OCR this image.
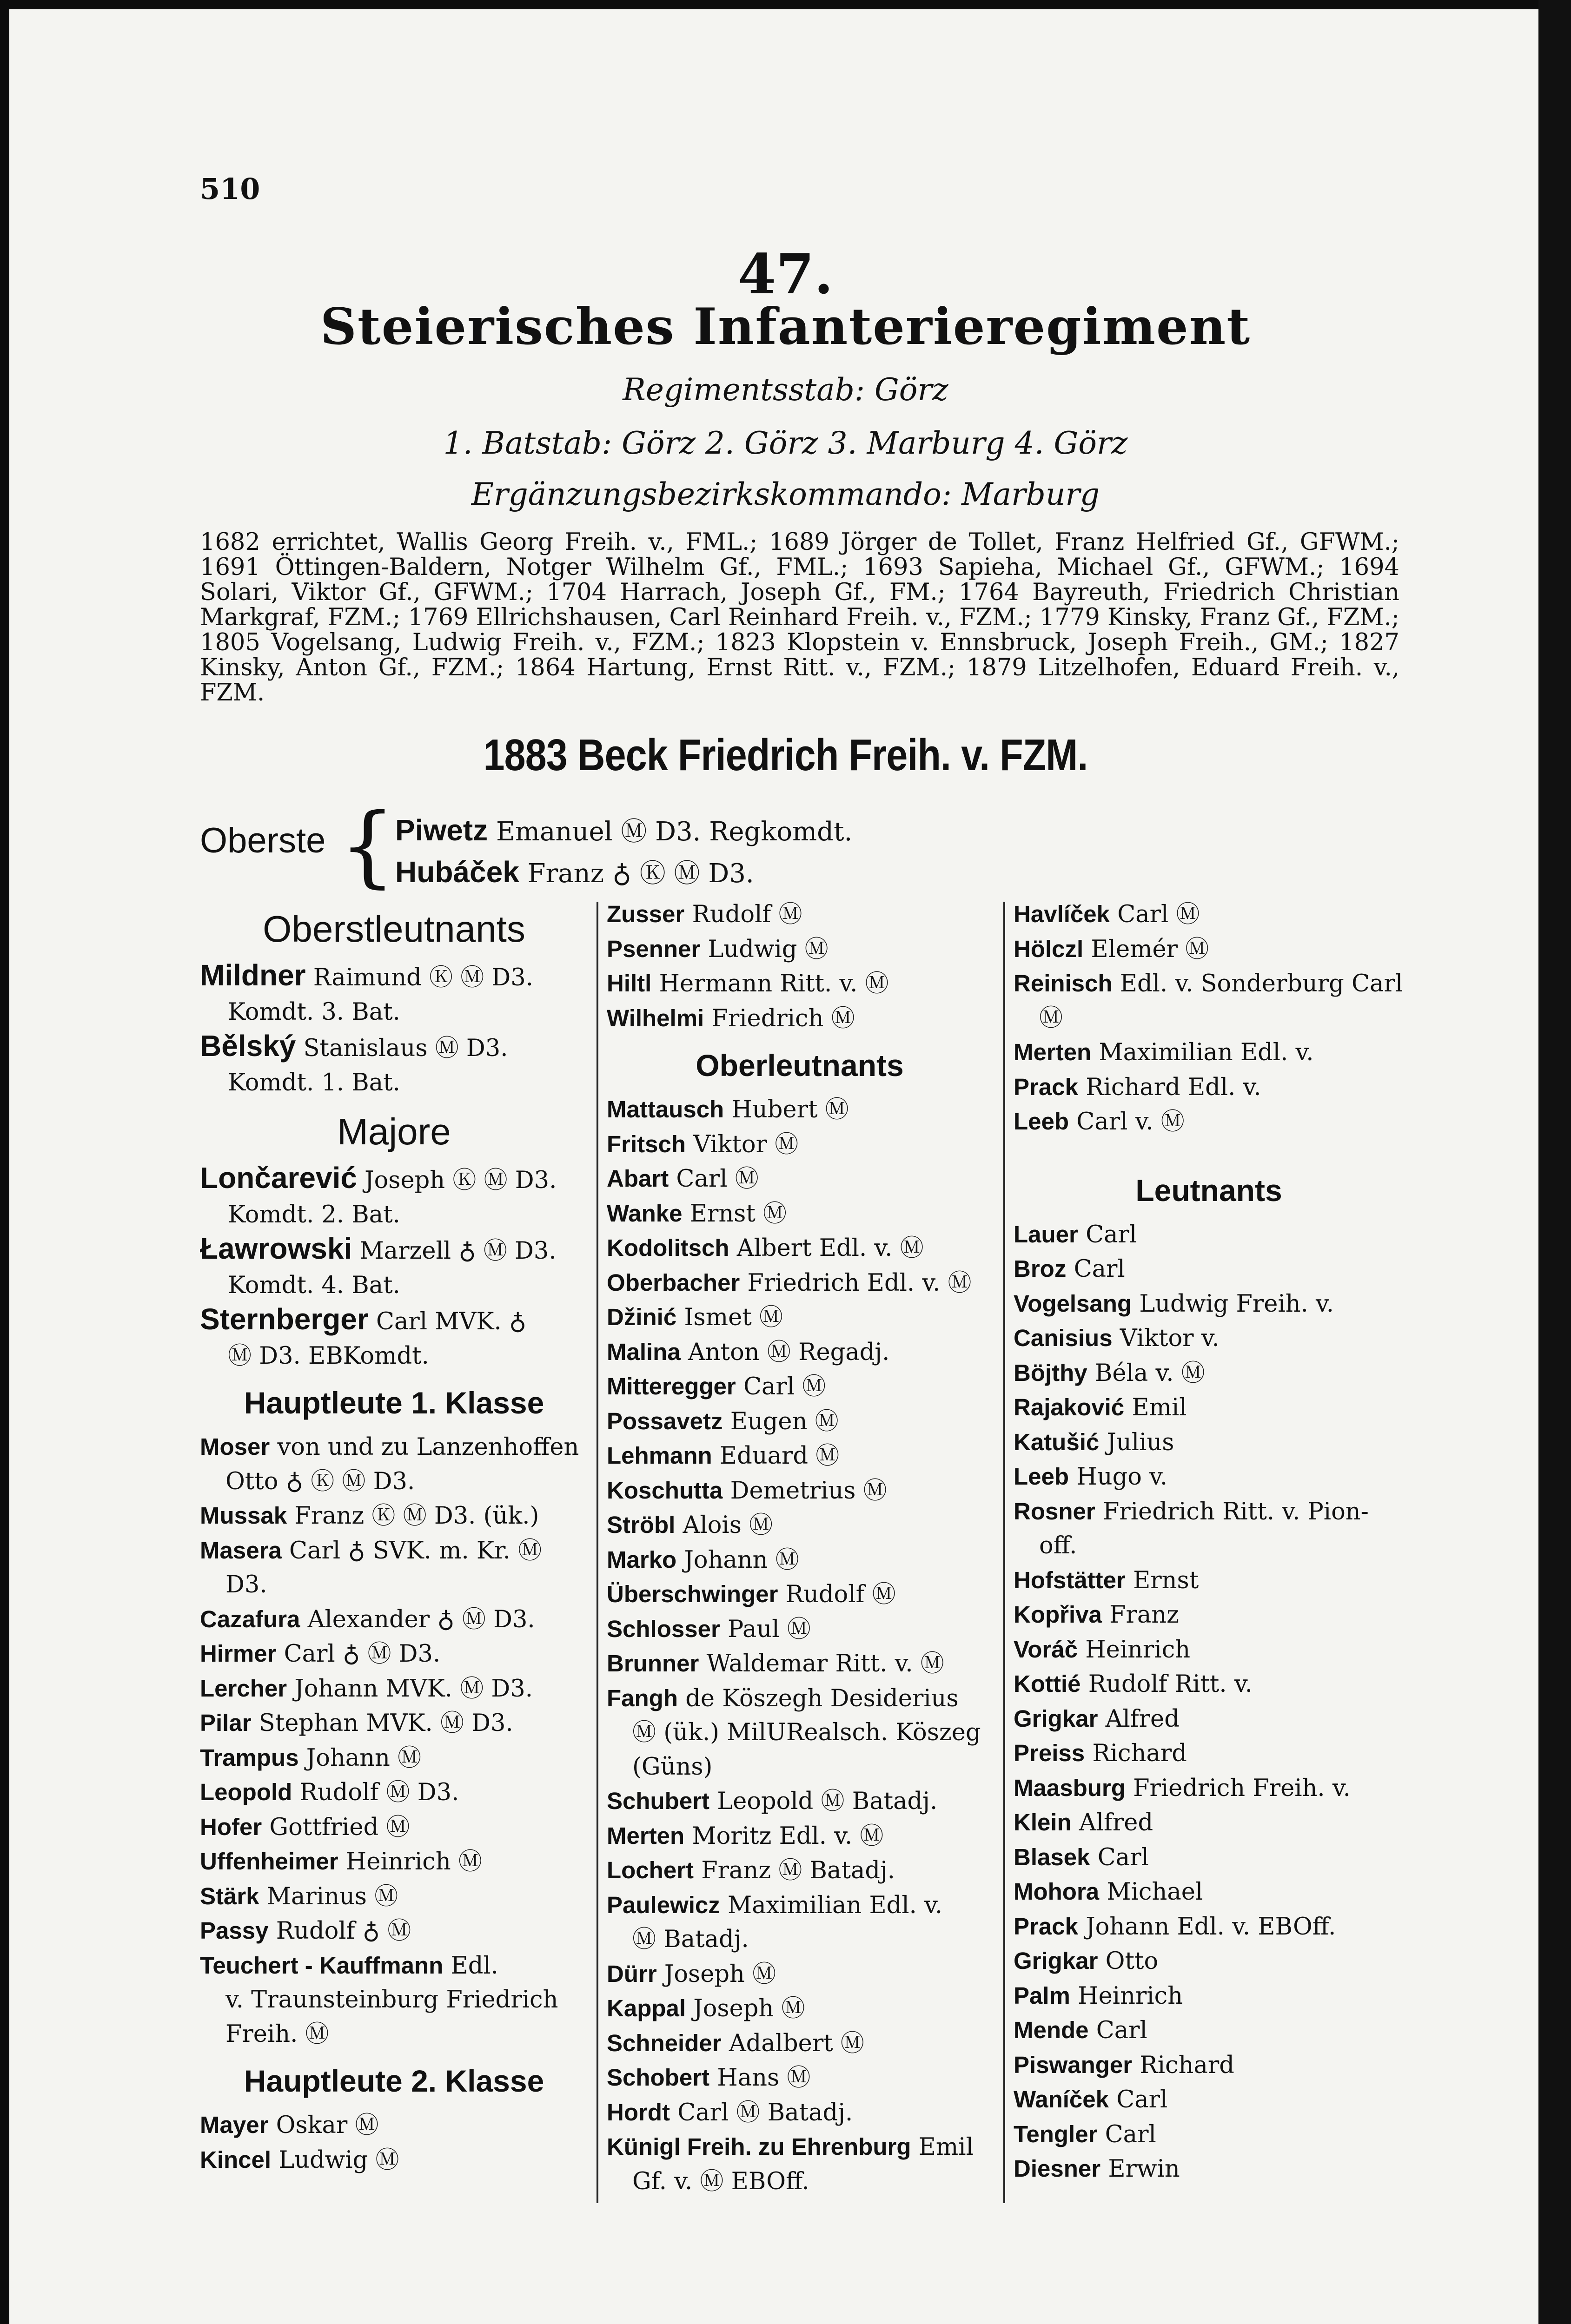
510
47.
Steierisches Infanterieregiment
Regimentsstab: Görz
1. Batstab: Görz 2. Görz 3. Marburg 4. Görz
Ergänzungsbezirkskommando: Marburg
1682 errichtet, Wallis Georg Freih. v., FML.; 1689 Jörger de Tollet, Franz Helfried Gf., GFWM.; 1691 Öttingen-Baldern, Notger Wilhelm Gf., FML.; 1693 Sapieha, Michael Gf., GFWM.; 1694 Solari, Viktor Gf., GFWM.; 1704 Harrach, Joseph Gf., FM.; 1764 Bayreuth, Friedrich Christian Markgraf, FZM.; 1769 Ellrichshausen, Carl Reinhard Freih. v., FZM.; 1779 Kinsky, Franz Gf., FZM.; 1805 Vogelsang, Ludwig Freih. v., FZM.; 1823 Klopstein v. Ennsbruck, Joseph Freih., GM.; 1827 Kinsky, Anton Gf., FZM.; 1864 Hartung, Ernst Ritt. v., FZM.; 1879 Litzelhofen, Eduard Freih. v., FZM.
1883 Beck Friedrich Freih. v. FZM.
Oberste { Piwetz Emanuel Ⓜ D3. Regkomdt.
Hubáček Franz ♁ Ⓚ Ⓜ D3.
Oberstleutnants
Mildner Raimund Ⓚ Ⓜ D3.
Komdt. 3. Bat.
Bělský Stanislaus Ⓜ D3.
Komdt. 1. Bat.
Majore
Lončarević Joseph Ⓚ Ⓜ D3.
Komdt. 2. Bat.
Ławrowski Marzell ♁ Ⓜ D3.
Komdt. 4. Bat.
Sternberger Carl MVK. ♁
Ⓜ D3. EBKomdt.
Hauptleute 1. Klasse
Moser von und zu Lanzenhoffen
Otto ♁ Ⓚ Ⓜ D3.
Mussak Franz Ⓚ Ⓜ D3. (ük.)
Masera Carl ♁ SVK. m. Kr. Ⓜ
D3.
Cazafura Alexander ♁ Ⓜ D3.
Hirmer Carl ♁ Ⓜ D3.
Lercher Johann MVK. Ⓜ D3.
Pilar Stephan MVK. Ⓜ D3.
Trampus Johann Ⓜ
Leopold Rudolf Ⓜ D3.
Hofer Gottfried Ⓜ
Uffenheimer Heinrich Ⓜ
Stärk Marinus Ⓜ
Passy Rudolf ♁ Ⓜ
Teuchert - Kauffmann Edl.
v. Traunsteinburg Friedrich
Freih. Ⓜ
Hauptleute 2. Klasse
Mayer Oskar Ⓜ
Kincel Ludwig Ⓜ
Zusser Rudolf Ⓜ
Psenner Ludwig Ⓜ
Hiltl Hermann Ritt. v. Ⓜ
Wilhelmi Friedrich Ⓜ
Oberleutnants
Mattausch Hubert Ⓜ
Fritsch Viktor Ⓜ
Abart Carl Ⓜ
Wanke Ernst Ⓜ
Kodolitsch Albert Edl. v. Ⓜ
Oberbacher Friedrich Edl. v. Ⓜ
Džinić Ismet Ⓜ
Malina Anton Ⓜ Regadj.
Mitteregger Carl Ⓜ
Possavetz Eugen Ⓜ
Lehmann Eduard Ⓜ
Koschutta Demetrius Ⓜ
Ströbl Alois Ⓜ
Marko Johann Ⓜ
Überschwinger Rudolf Ⓜ
Schlosser Paul Ⓜ
Brunner Waldemar Ritt. v. Ⓜ
Fangh de Köszegh Desiderius
Ⓜ (ük.) MilURealsch. Köszeg
(Güns)
Schubert Leopold Ⓜ Batadj.
Merten Moritz Edl. v. Ⓜ
Lochert Franz Ⓜ Batadj.
Paulewicz Maximilian Edl. v.
Ⓜ Batadj.
Dürr Joseph Ⓜ
Kappal Joseph Ⓜ
Schneider Adalbert Ⓜ
Schobert Hans Ⓜ
Hordt Carl Ⓜ Batadj.
Künigl Freih. zu Ehrenburg Emil
Gf. v. Ⓜ EBOff.
Havlíček Carl Ⓜ
Hölczl Elemér Ⓜ
Reinisch Edl. v. Sonderburg Carl
Ⓜ
Merten Maximilian Edl. v.
Prack Richard Edl. v.
Leeb Carl v. Ⓜ
Leutnants
Lauer Carl
Broz Carl
Vogelsang Ludwig Freih. v.
Canisius Viktor v.
Böjthy Béla v. Ⓜ
Rajaković Emil
Katušić Julius
Leeb Hugo v.
Rosner Friedrich Ritt. v. Pion-
off.
Hofstätter Ernst
Kopřiva Franz
Voráč Heinrich
Kottié Rudolf Ritt. v.
Grigkar Alfred
Preiss Richard
Maasburg Friedrich Freih. v.
Klein Alfred
Blasek Carl
Mohora Michael
Prack Johann Edl. v. EBOff.
Grigkar Otto
Palm Heinrich
Mende Carl
Piswanger Richard
Waníček Carl
Tengler Carl
Diesner Erwin
